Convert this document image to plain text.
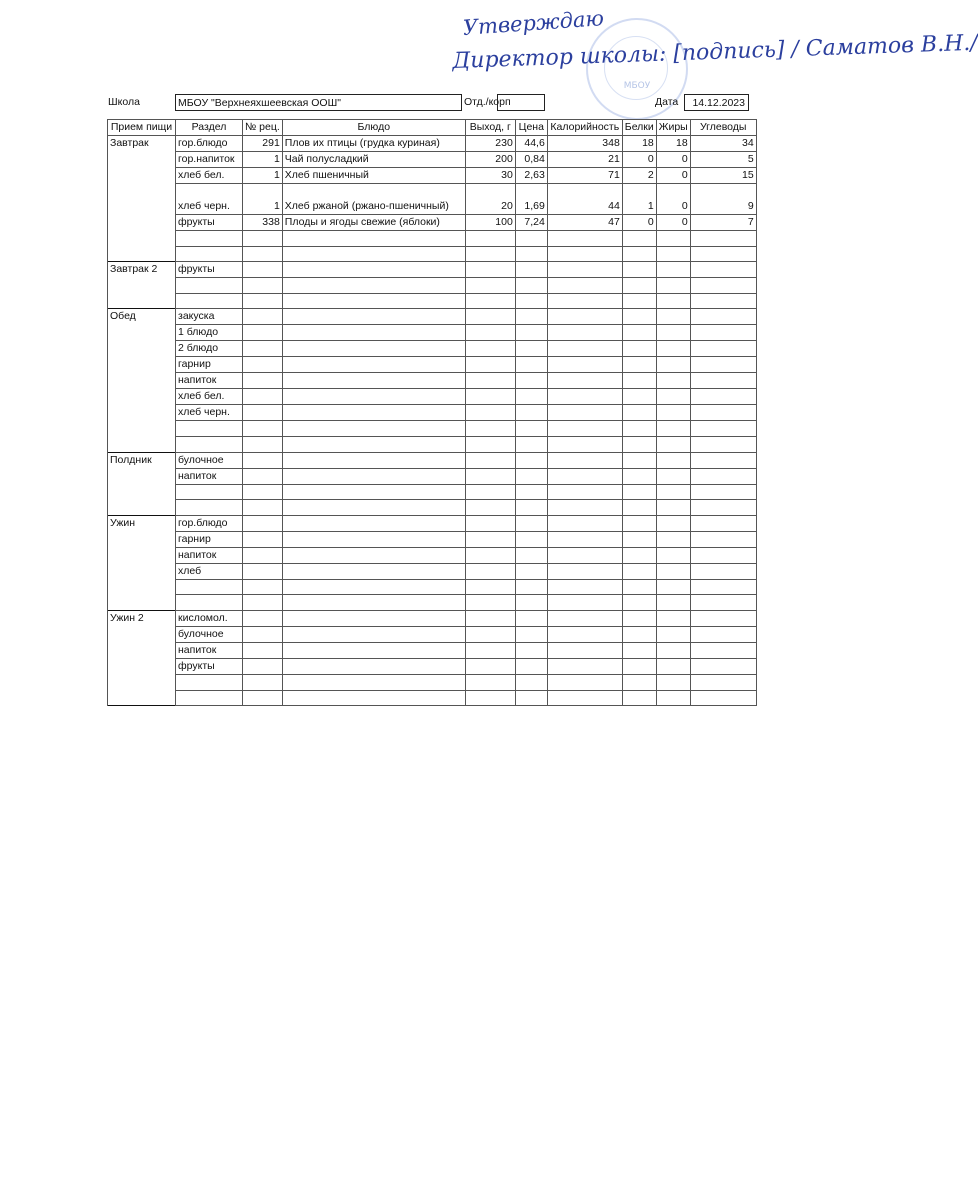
Утверждаю
Директор школы: [подпись] / Саматов В.Н./
МБОУ
Школа	МБОУ "Верхнеяхшеевская ООШ"	Отд./корп	Дата	14.12.2023
Прием пищи	Раздел	№ рец.	Блюдо	Выход, г	Цена	Калорийность	Белки	Жиры	Углеводы
Завтрак	гор.блюдо	291	Плов их птицы (грудка куриная)	230	44,6	348	18	18	34
	гор.напиток	1	Чай полусладкий	200	0,84	21	0	0	5
	хлеб бел.	1	Хлеб пшеничный	30	2,63	71	2	0	15
	хлеб черн.	1	Хлеб ржаной (ржано-пшеничный)	20	1,69	44	1	0	9
	фрукты	338	Плоды и ягоды свежие (яблоки)	100	7,24	47	0	0	7

Завтрак 2	фрукты								

Обед	закуска								
	1 блюдо								
	2 блюдо								
	гарнир								
	напиток								
	хлеб бел.								
	хлеб черн.								

Полдник	булочное								
	напиток								

Ужин	гор.блюдо								
	гарнир								
	напиток								
	хлеб								

Ужин 2	кисломол.								
	булочное								
	напиток								
	фрукты								
